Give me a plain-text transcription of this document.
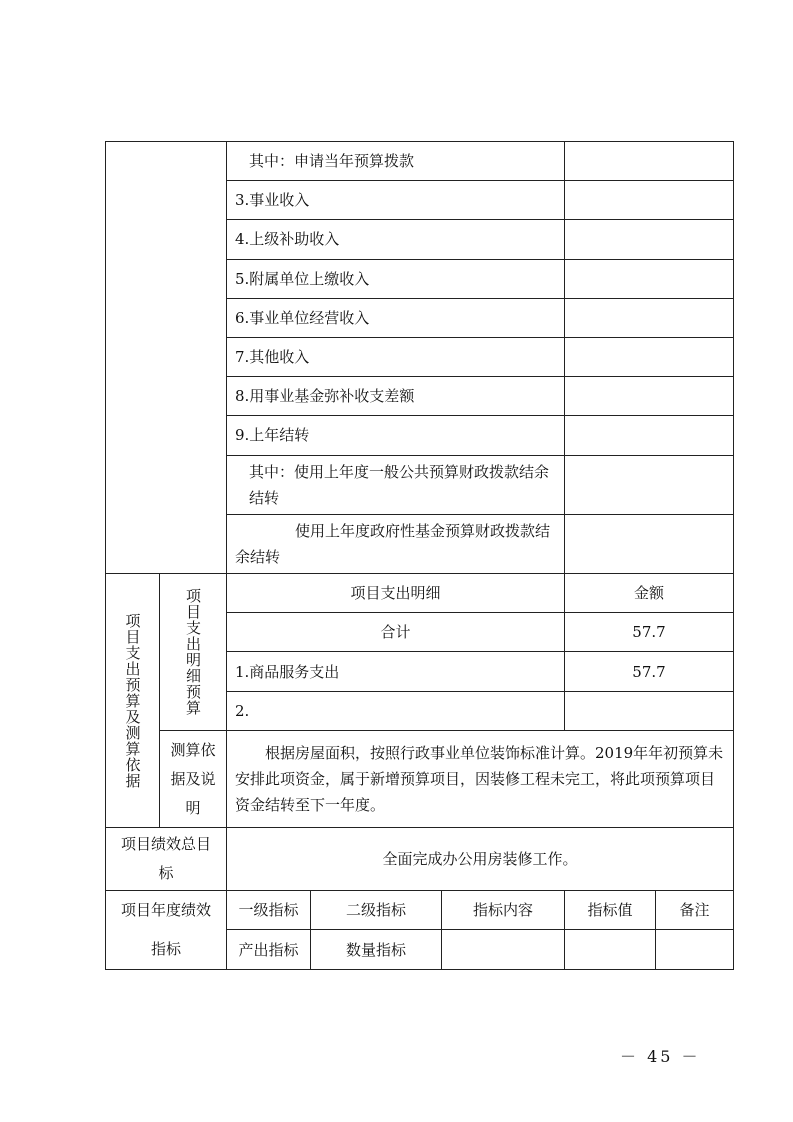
		其中：申请当年预算拨款				
		3.事业收入				
		4.上级补助收入				
		5.附属单位上缴收入				
		6.事业单位经营收入				
		7.其他收入				
		8.用事业基金弥补收支差额				
		9.上年结转				
		其中：使用上年度一般公共预算财政拨款结余结转				
		使用上年度政府性基金预算财政拨款结余结转				

项目支出预算及测算依据	项目支出明细预算	项目支出明细			金额	
		合计			57.7	
		1.商品服务支出			57.7	
		2.				
	测算依据及说明	根据房屋面积，按照行政事业单位装饰标准计算。2019年年初预算未安排此项资金，属于新增预算项目，因装修工程未完工，将此项预算项目资金结转至下一年度。				
项目绩效总目标		全面完成办公用房装修工作。				
项目年度绩效指标		一级指标	二级指标	指标内容	指标值	备注
		产出指标	数量指标			
－ 45 －
